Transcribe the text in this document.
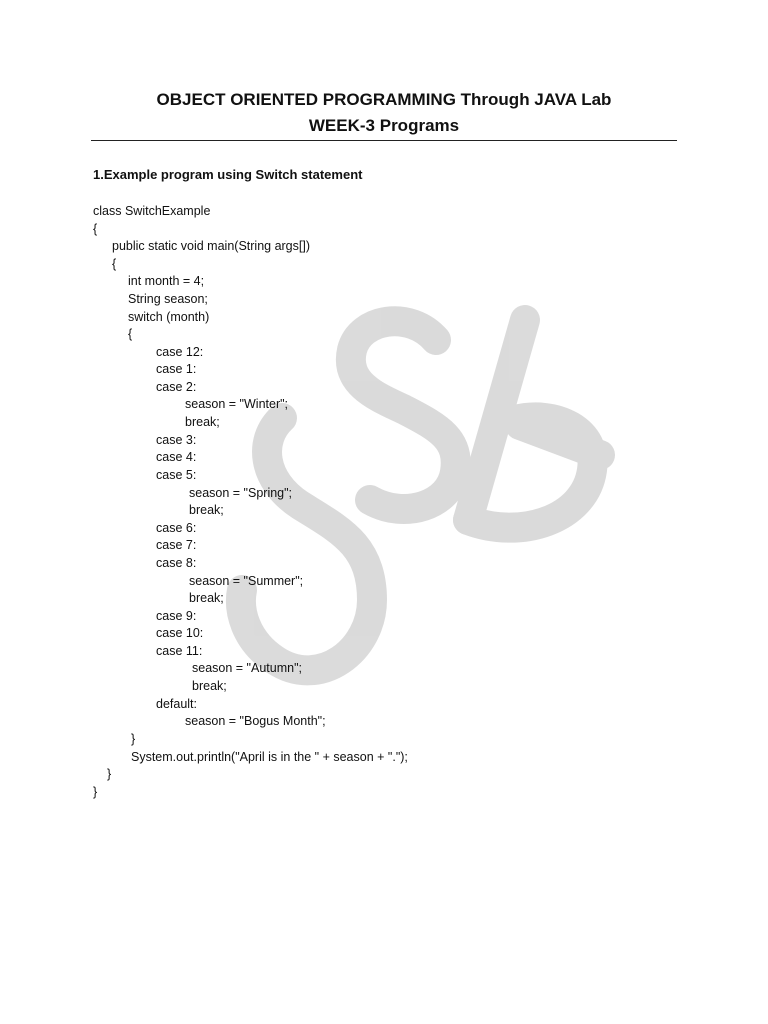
OBJECT ORIENTED PROGRAMMING Through JAVA Lab
WEEK-3 Programs
1.Example program using Switch statement
class SwitchExample
{
public static void main(String args[])
{
int month = 4;
String season;
switch (month)
{
case 12:
case 1:
case 2:
season = "Winter";
break;
case 3:
case 4:
case 5:
season = "Spring";
break;
case 6:
case 7:
case 8:
season = "Summer";
break;
case 9:
case 10:
case 11:
season = "Autumn";
break;
default:
season = "Bogus Month";
}
System.out.println("April is in the " + season + ".");
}
}
